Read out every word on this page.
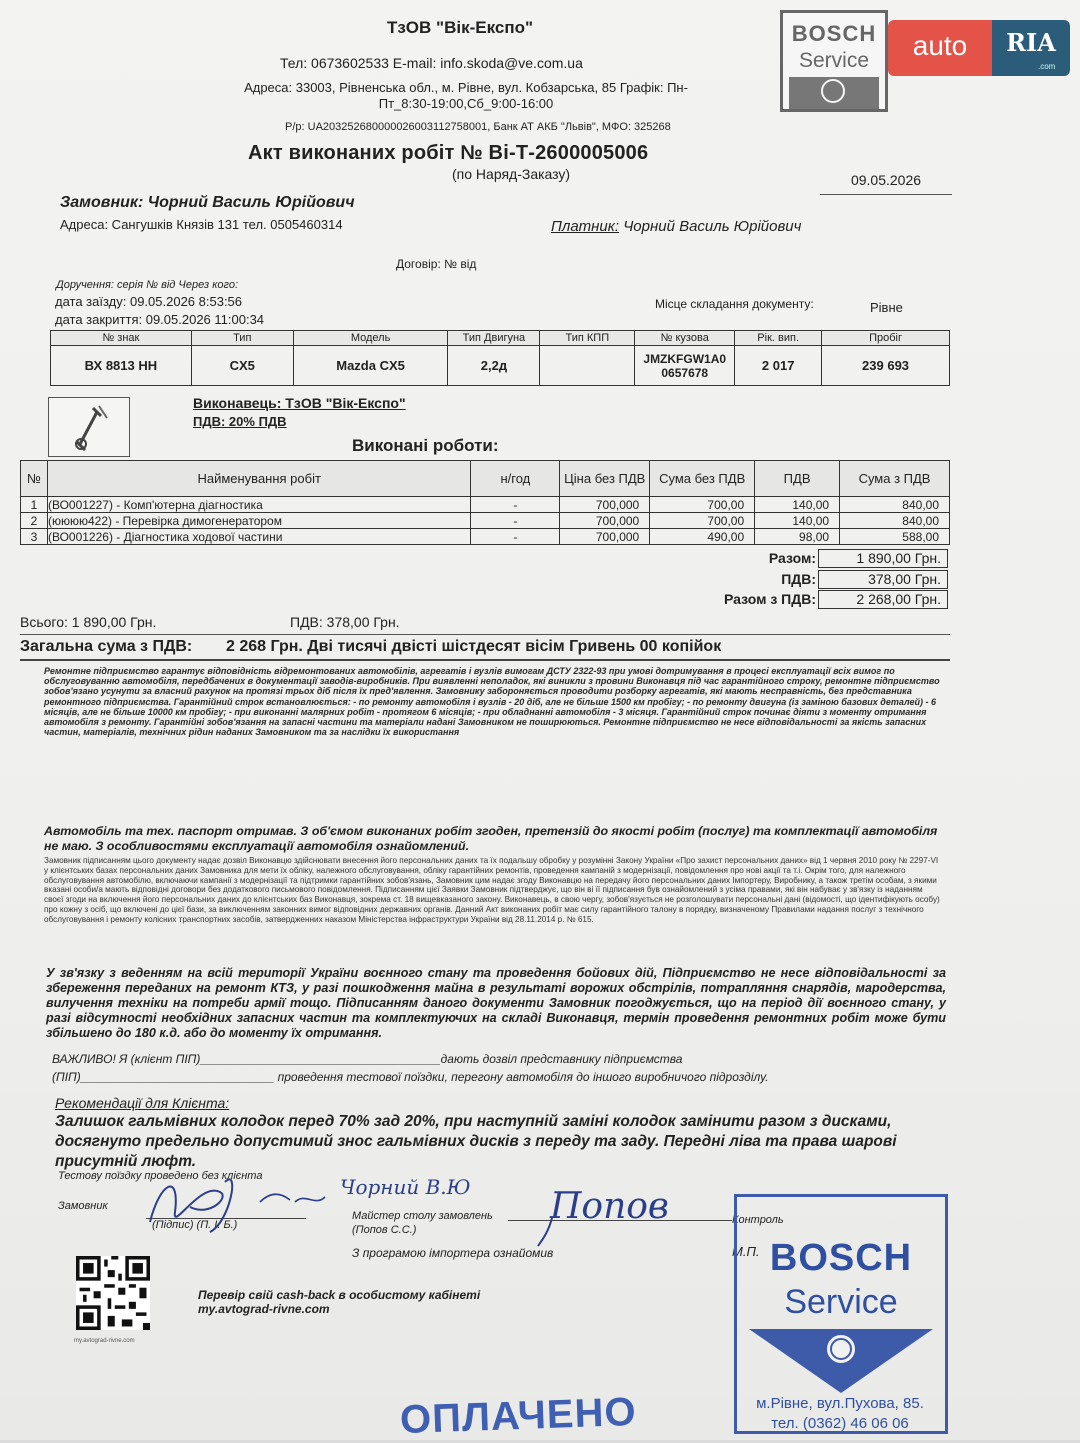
ТзОВ "Вік-Експо"
Тел: 0673602533 E-mail: info.skoda@ve.com.ua
Адреса: 33003, Рівненська обл., м. Рівне, вул. Кобзарська, 85 Графік: Пн-Пт_8:30-19:00,Сб_9:00-16:00
Р/р: UA203252680000026003112758001, Банк АТ АКБ "Львів", МФО: 325268
Акт виконаних робіт № Ві-Т-2600005006
(по Наряд-Заказу)	09.05.2026
BOSCH
Service	auto	RIA
.com
Замовник: Чорний Василь Юрійович
Адреса: Сангушків Князів 131 тел. 0505460314	Платник: Чорний Василь Юрійович
Договір: № від
Доручення: серія № від Через кого:
дата заїзду: 09.05.2026 8:53:56
дата закриття: 09.05.2026 11:00:34
Місце складання документу:	Рівне
№ знак	Тип	Модель	Тип Двигуна	Тип КПП	№ кузова	Рік. вип.	Пробіг
ВХ 8813 НН	CX5	Mazda CX5	2,2д		JMZKFGW1A0 0657678	2 017	239 693
Виконавець: ТзОВ "Вік-Експо"
ПДВ: 20% ПДВ
Виконані роботи:
№	Найменування робіт	н/год	Ціна без ПДВ	Сума без ПДВ	ПДВ	Сума з ПДВ
1	(ВО001227) - Комп'ютерна діагностика	-	700,000	700,00	140,00	840,00
2	(юююю422) - Перевірка димогенератором	-	700,000	700,00	140,00	840,00
3	(ВО001226) - Діагностика ходової частини	-	700,000	490,00	98,00	588,00
Разом:	1 890,00 Грн.
ПДВ:	378,00 Грн.
Разом з ПДВ:	2 268,00 Грн.
Всього: 1 890,00 Грн.	ПДВ: 378,00 Грн.
Загальна сума з ПДВ: 2 268 Грн. Дві тисячі двісті шістдесят вісім Гривень 00 копійок
Ремонтне підприємство гарантує відповідність відремонтованих автомобілів, агрегатів і вузлів вимогам ДСТУ 2322-93 при умові дотримування в процесі експлуатації всіх вимог по обслуговуванню автомобіля, передбачених в документації заводів-виробників. При виявленні неполадок, які виникли з провини Виконавця під час гарантійного строку, ремонтне підприємство зобов'язано усунути за власний рахунок на протязі трьох діб після їх пред'явлення. Замовнику забороняється проводити розборку агрегатів, які мають несправність, без представника ремонтного підприємства. Гарантійний строк встановлюється: - по ремонту автомобіля і вузлів - 20 діб, але не більше 1500 км пробігу; - по ремонту двигуна (із заміною базових деталей) - 6 місяців, але не більше 10000 км пробігу; - при виконанні малярних робіт - протягом 6 місяців; - при обладнанні автомобіля - 3 місяця. Гарантійний строк починає діяти з моменту отримання автомобіля з ремонту. Гарантійні зобов'язання на запасні частини та матеріали надані Замовником не поширюються. Ремонтне підприємство не несе відповідальності за якість запасних частин, матеріалів, технічних рідин наданих Замовником та за наслідки їх використання
Автомобіль та тех. паспорт отримав. З об'ємом виконаних робіт згоден, претензій до якості робіт (послуг) та комплектації автомобіля не маю. З особливостями експлуатації автомобіля ознайомлений.
Замовник підписанням цього документу надає дозвіл Виконавцю здійснювати внесення його персональних даних та їх подальшу обробку у розумінні Закону України «Про захист персональних даних» від 1 червня 2010 року № 2297-VI у клієнтських базах персональних даних Замовника для мети їх обліку, належного обслуговування, обліку гарантійних ремонтів, проведення кампаній з модернізації, повідомлення про нові акції та т.і. Окрім того, для належного обслуговування автомобілю, включаючи кампанії з модернізації та підтримки гарантійних зобов'язань, Замовник цим надає згоду Виконавцю на передачу його персональних даних Імпортеру, Виробнику, а також третім особам, з якими вказані особи/а мають відповідні договори без додаткового письмового повідомлення. Підписанням цієї Заявки Замовник підтверджує, що він ві її підписання був ознайомлений з усіма правами, які він набуває у зв'язку із наданням своєї згоди на включення його персональних даних до клієнтських баз Виконавця, зокрема ст. 18 вищевказаного закону. Виконавець, в свою чергу, зобов'язується не розголошувати персональні дані (відомості, що ідентифікують особу) про кожну з осіб, що включені до цієї бази, за виключенням законних вимог відповідних державних органів. Данний Акт виконаних робіт має силу гарантійного талону в порядку, визначеному Правилами надання послуг з технічного обслуговування і ремонту колісних транспортних засобів, затвердженних наказом Міністерства інфраструктури України від 28.11.2014 р. № 615.
У зв'язку з веденням на всій території України воєнного стану та проведення бойових дій, Підприємство не несе відповідальності за збереження переданих на ремонт КТЗ, у разі пошкодження майна в результаті ворожих обстрілів, потрапляння снарядів, мародерства, вилучення техніки на потреби армії тощо. Підписанням даного документи Замовник погоджується, що на період дії воєнного стану, у разі відсутності необхідних запасних частин та комплектуючих на складі Виконавця, термін проведення ремонтних робіт може бути збільшено до 180 к.д. або до моменту їх отримання.
ВАЖЛИВО! Я (клієнт ПІП)____________________________________дають дозвіл представнику підприємства
(ПІП)_____________________________ проведення тестової поїздки, перегону автомобіля до іншого виробничого підрозділу.
Рекомендації для Клієнта:
Залишок гальмівних колодок перед 70% зад 20%, при наступній заміні колодок замінити разом з дисками, досягнуто предельно допустимий знос гальмівних дисків з переду та заду. Передні ліва та права шарові присутній люфт.
Тестову поїздку проведено без клієнта
Замовник
(Підпис) (П. І. Б.)
Чорний В.Ю
Майстер столу замовлень
(Попов С.С.)
Попов
З програмою імпортера ознайомив
Контроль
М.П.
my.avtograd-rivne.com
Перевір свій cash-back в особистому кабінеті
my.avtograd-rivne.com
BOSCH
Service
м.Рівне, вул.Пухова, 85.
тел. (0362) 46 06 06
ОПЛАЧЕНО
